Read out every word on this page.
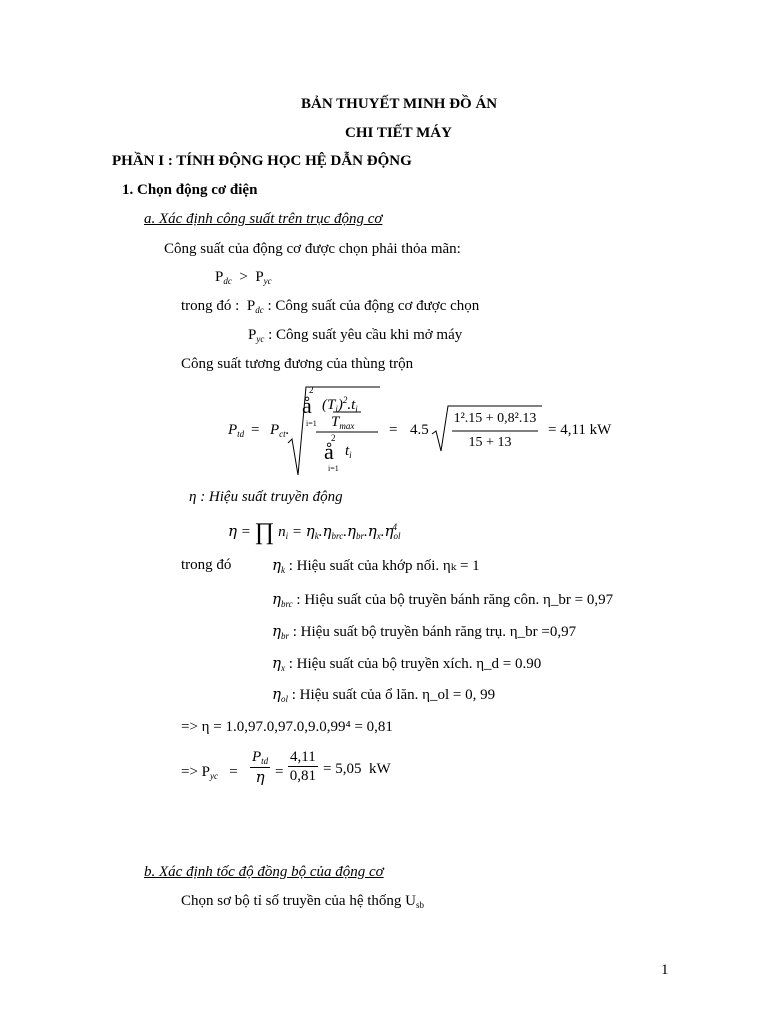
BẢN THUYẾT MINH ĐỒ ÁN
CHI TIẾT MÁY
PHẦN I : TÍNH ĐỘNG HỌC HỆ DẪN ĐỘNG
1. Chọn động cơ điện
a. Xác định công suất trên trục động cơ
Công suất của động cơ được chọn phải thỏa mãn:
$P_{dc} > P_{yc}$
trong đó : $P_{dc}$ : Công suất của động cơ được chọn
$P_{yc}$ : Công suất yêu cầu khi mở máy
Công suất tương đương của thùng trộn
$P_{td} = P_{ct}$.
2
å
i=1
$(T_i)^2.t_i$
$T_{max}$
2
å $t_i$
i=1
= 4.5
1².15 + 0,8².13
15 + 13
= 4,11 kW
η : Hiệu suất truyền động
η = ∏ $n_i = \eta_k.\eta_{brc}.\eta_{br}.\eta_x.\eta_{ol}^4$
trong đó	$\eta_k$ : Hiệu suất của khớp nối. ηₖ = 1
$\eta_{brc}$ : Hiệu suất của bộ truyền bánh răng côn. η_br = 0,97
$\eta_{br}$ : Hiệu suất bộ truyền bánh răng trụ. η_br =0,97
$\eta_x$ : Hiệu suất của bộ truyền xích. η_d = 0.90
$\eta_{ol}$ : Hiệu suất của ổ lăn. η_ol = 0, 99
=> η = 1.0,97.0,97.0,9.0,99⁴ = 0,81
=> $P_{yc} = \frac{P_{td}}{\eta} = \frac{4,11}{0,81} = 5,05$ kW
b. Xác định tốc độ đồng bộ của động cơ
Chọn sơ bộ tỉ số truyền của hệ thống $U_{sb}$
1
